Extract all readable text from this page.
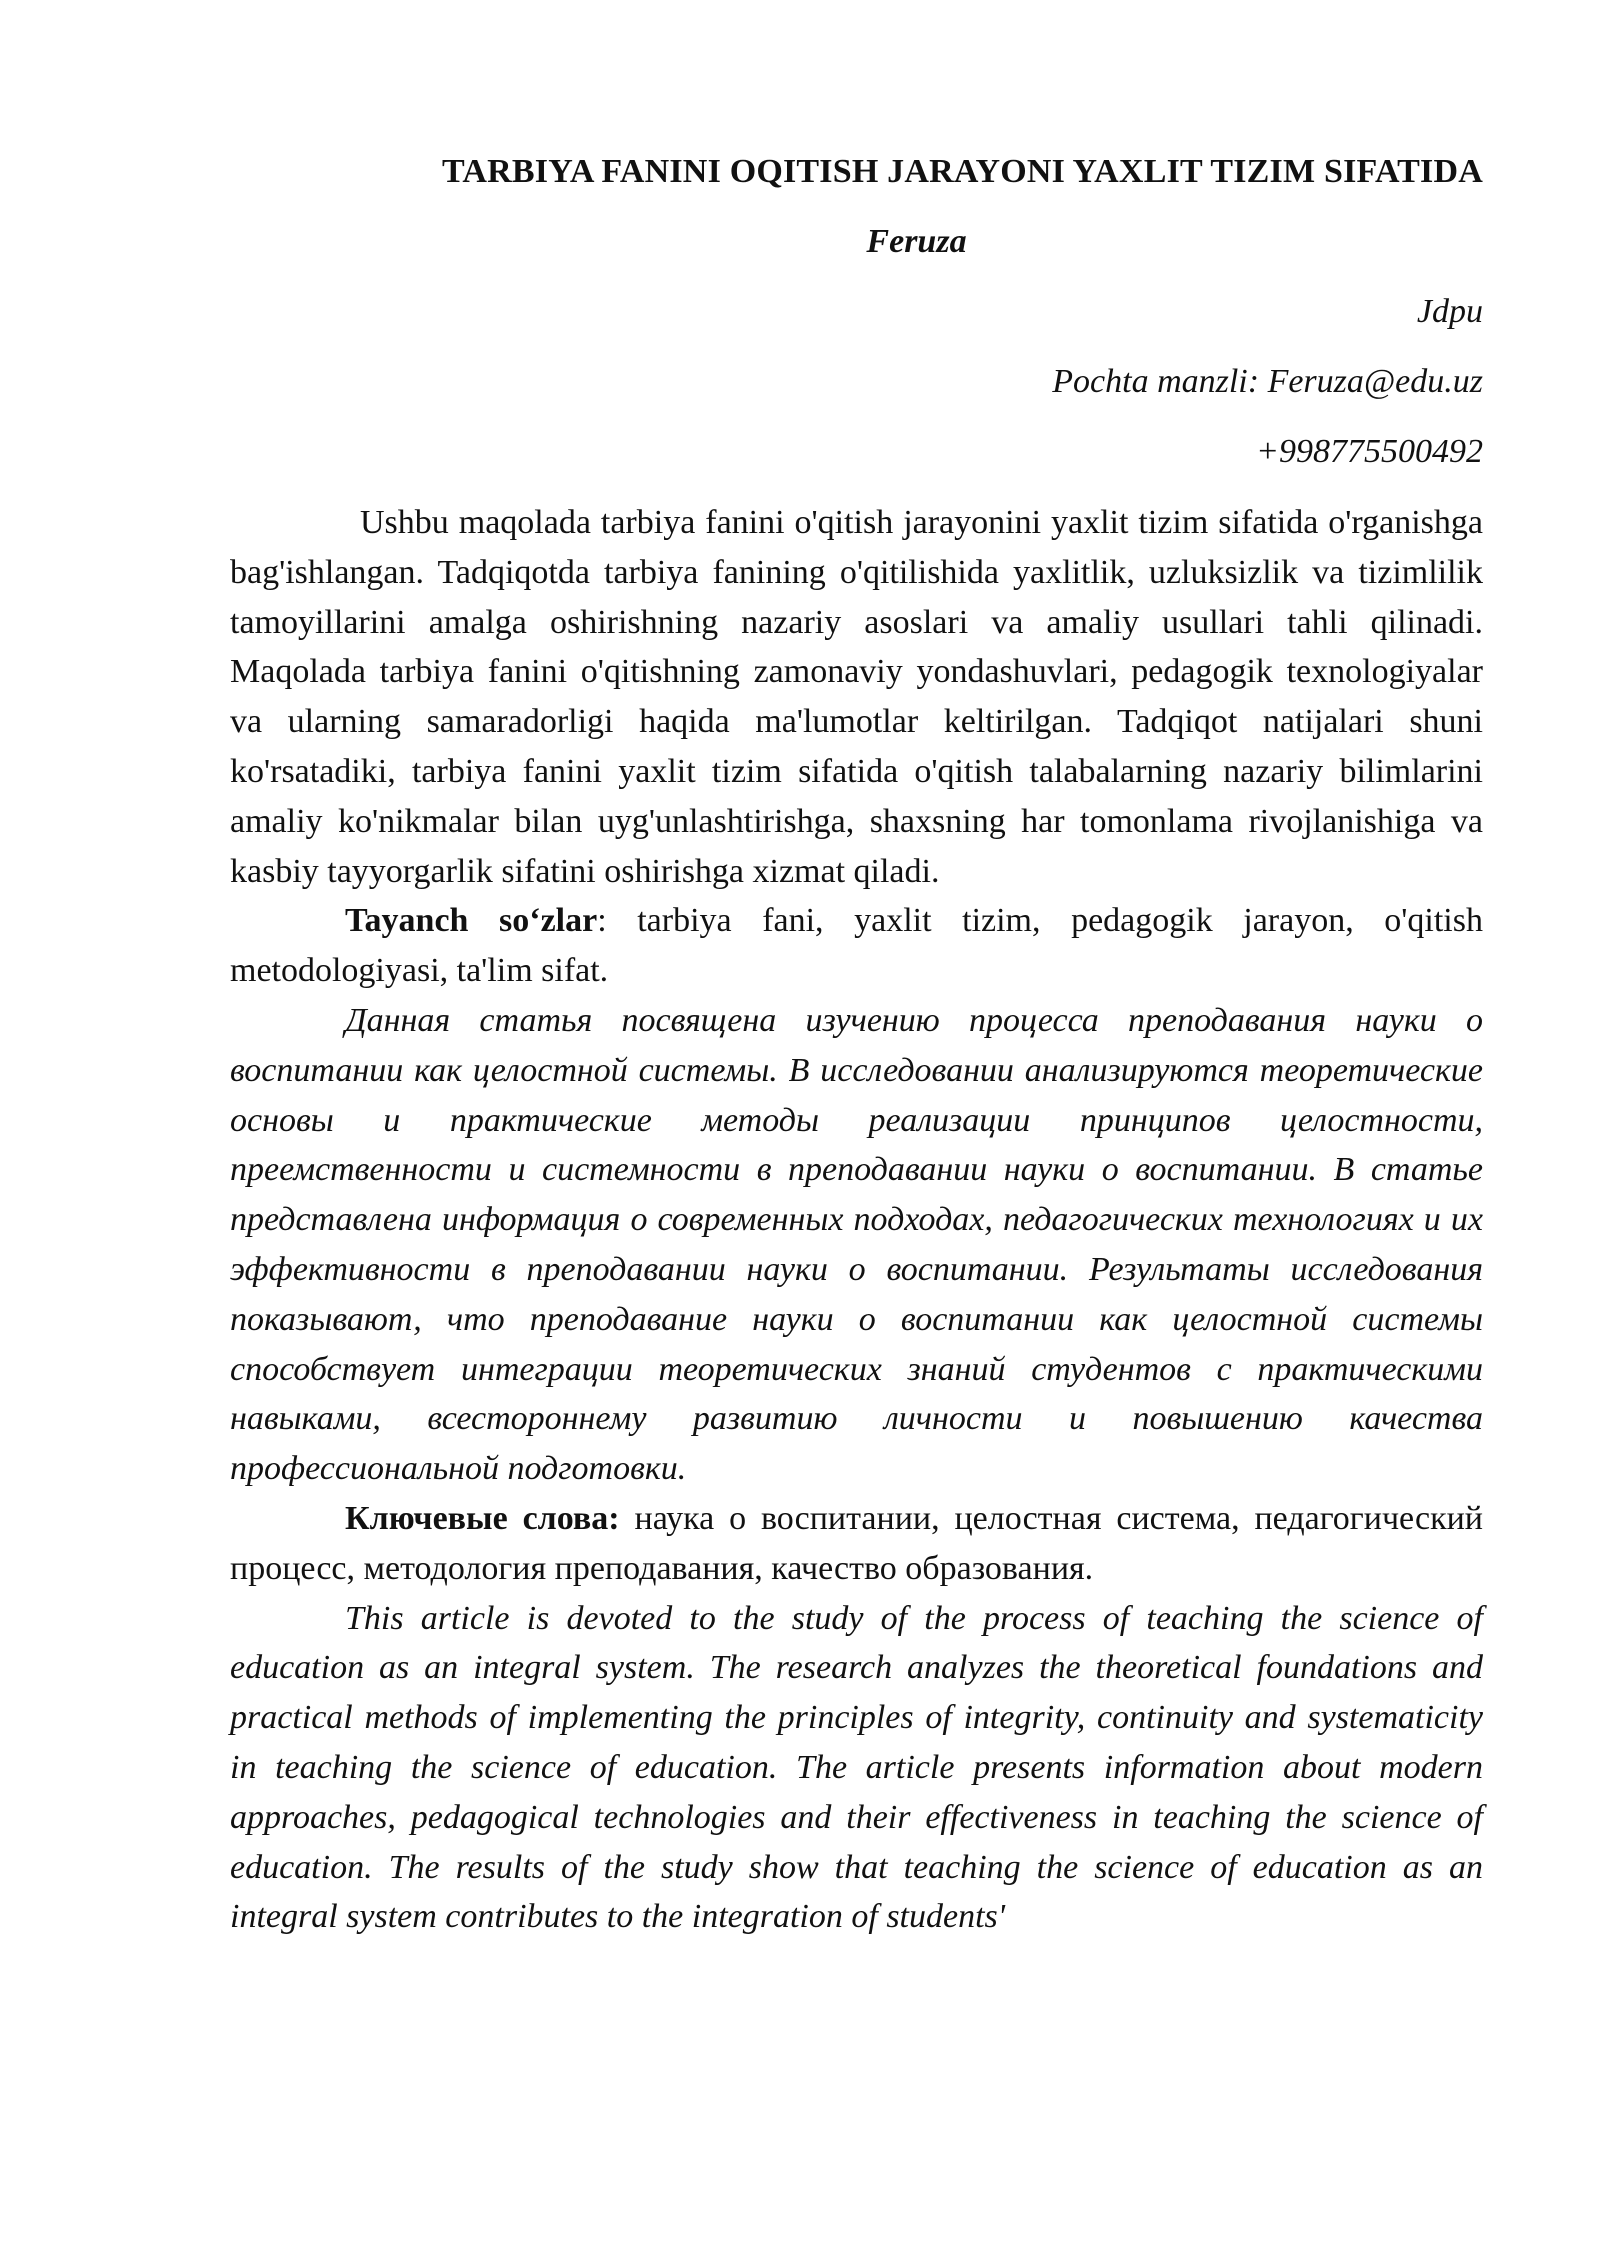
TARBIYA FANINI OQITISH JARAYONI YAXLIT TIZIM SIFATIDA
Feruza
Jdpu
Pochta manzli: Feruza@edu.uz
+998775500492

Ushbu maqolada tarbiya fanini o'qitish jarayonini yaxlit tizim sifatida o'rganishga bag'ishlangan. Tadqiqotda tarbiya fanining o'qitilishida yaxlitlik, uzluksizlik va tizimlilik tamoyillarini amalga oshirishning nazariy asoslari va amaliy usullari tahli qilinadi. Maqolada tarbiya fanini o'qitishning zamonaviy yondashuvlari, pedagogik texnologiyalar va ularning samaradorligi haqida ma'lumotlar keltirilgan. Tadqiqot natijalari shuni ko'rsatadiki, tarbiya fanini yaxlit tizim sifatida o'qitish talabalarning nazariy bilimlarini amaliy ko'nikmalar bilan uyg'unlashtirishga, shaxsning har tomonlama rivojlanishiga va kasbiy tayyorgarlik sifatini oshirishga xizmat qiladi.

Tayanch so‘zlar: tarbiya fani, yaxlit tizim, pedagogik jarayon, o'qitish metodologiyasi, ta'lim sifat.

Данная статья посвящена изучению процесса преподавания науки о воспитании как целостной системы. В исследовании анализируются теоретические основы и практические методы реализации принципов целостности, преемственности и системности в преподавании науки о воспитании. В статье представлена информация о современных подходах, педагогических технологиях и их эффективности в преподавании науки о воспитании. Результаты исследования показывают, что преподавание науки о воспитании как целостной системы способствует интеграции теоретических знаний студентов с практическими навыками, всестороннему развитию личности и повышению качества профессиональной подготовки.

Ключевые слова: наука о воспитании, целостная система, педагогический процесс, методология преподавания, качество образования.

This article is devoted to the study of the process of teaching the science of education as an integral system. The research analyzes the theoretical foundations and practical methods of implementing the principles of integrity, continuity and systematicity in teaching the science of education. The article presents information about modern approaches, pedagogical technologies and their effectiveness in teaching the science of education. The results of the study show that teaching the science of education as an integral system contributes to the integration of students'
